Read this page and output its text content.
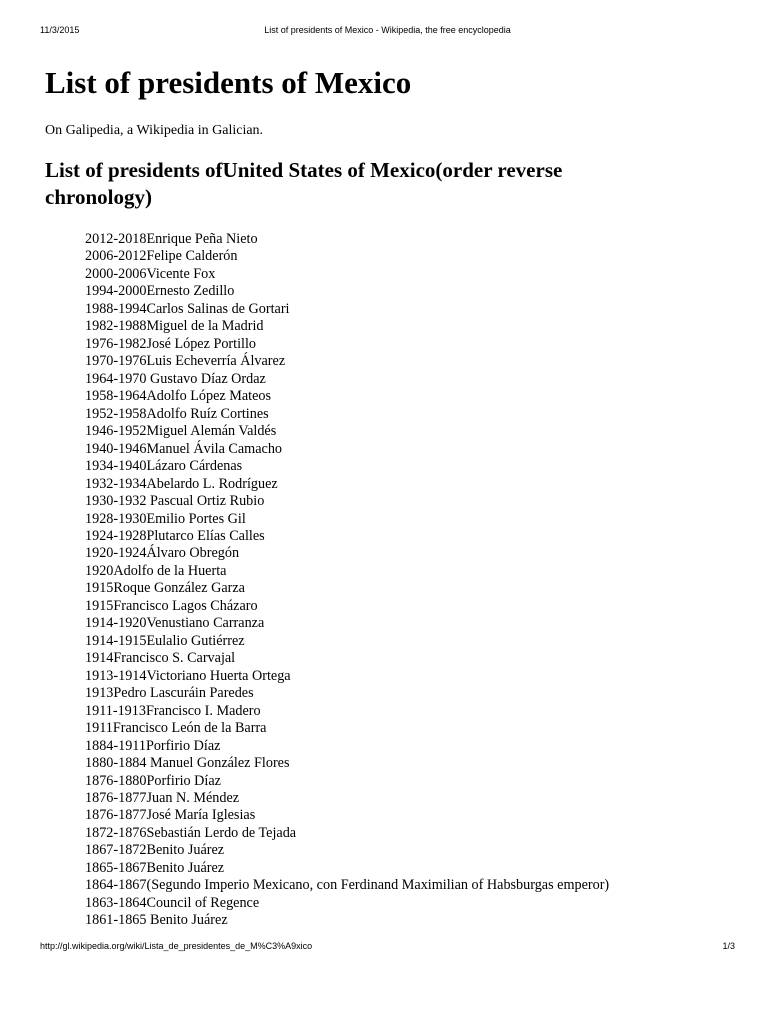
11/3/2015	List of presidents of Mexico - Wikipedia, the free encyclopedia
List of presidents of Mexico

On Galipedia, a Wikipedia in Galician.

List of presidents ofUnited States of Mexico(order reverse chronology)
2012-2018Enrique Peña Nieto
2006-2012Felipe Calderón
2000-2006Vicente Fox
1994-2000Ernesto Zedillo
1988-1994Carlos Salinas de Gortari
1982-1988Miguel de la Madrid
1976-1982José López Portillo
1970-1976Luis Echeverría Álvarez
1964-1970 Gustavo Díaz Ordaz
1958-1964Adolfo López Mateos
1952-1958Adolfo Ruíz Cortines
1946-1952Miguel Alemán Valdés
1940-1946Manuel Ávila Camacho
1934-1940Lázaro Cárdenas
1932-1934Abelardo L. Rodríguez
1930-1932 Pascual Ortiz Rubio
1928-1930Emilio Portes Gil
1924-1928Plutarco Elías Calles
1920-1924Álvaro Obregón
1920Adolfo de la Huerta
1915Roque González Garza
1915Francisco Lagos Cházaro
1914-1920Venustiano Carranza
1914-1915Eulalio Gutiérrez
1914Francisco S. Carvajal
1913-1914Victoriano Huerta Ortega
1913Pedro Lascuráin Paredes
1911-1913Francisco I. Madero
1911Francisco León de la Barra
1884-1911Porfirio Díaz
1880-1884 Manuel González Flores
1876-1880Porfirio Díaz
1876-1877Juan N. Méndez
1876-1877José María Iglesias
1872-1876Sebastián Lerdo de Tejada
1867-1872Benito Juárez
1865-1867Benito Juárez
1864-1867(Segundo Imperio Mexicano, con Ferdinand Maximilian of Habsburgas emperor)
1863-1864Council of Regence
1861-1865 Benito Juárez
http://gl.wikipedia.org/wiki/Lista_de_presidentes_de_M%C3%A9xico	1/3
